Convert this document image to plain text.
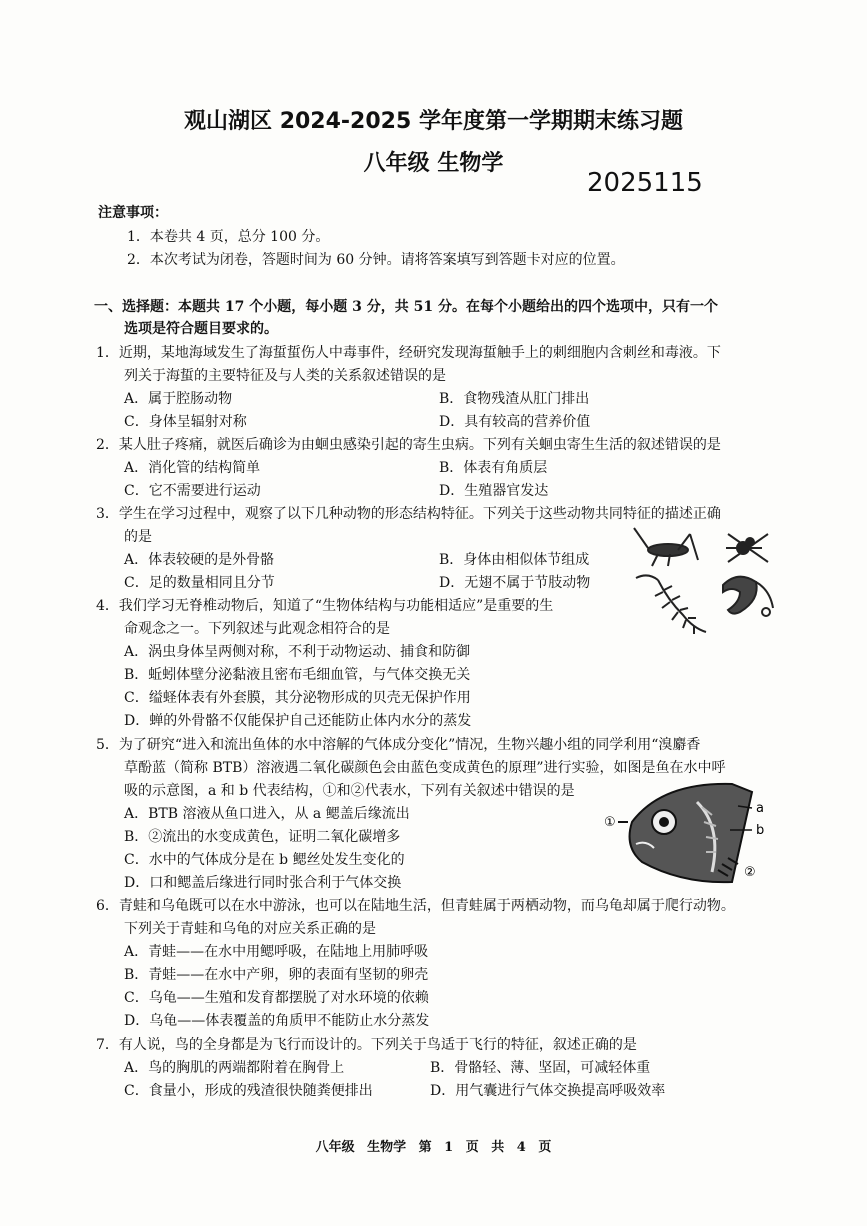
观山湖区 2024-2025 学年度第一学期期末练习题
八年级 生物学
2025115
注意事项：
1．本卷共 4 页，总分 100 分。
2．本次考试为闭卷，答题时间为 60 分钟。请将答案填写到答题卡对应的位置。
一、选择题：本题共 17 个小题，每小题 3 分，共 51 分。在每个小题给出的四个选项中，只有一个
选项是符合题目要求的。
1．近期，某地海域发生了海蜇蜇伤人中毒事件，经研究发现海蜇触手上的刺细胞内含刺丝和毒液。下
列关于海蜇的主要特征及与人类的关系叙述错误的是
A．属于腔肠动物	B．食物残渣从肛门排出
C．身体呈辐射对称	D．具有较高的营养价值
2．某人肚子疼痛，就医后确诊为由蛔虫感染引起的寄生虫病。下列有关蛔虫寄生生活的叙述错误的是
A．消化管的结构简单	B．体表有角质层
C．它不需要进行运动	D．生殖器官发达
3．学生在学习过程中，观察了以下几种动物的形态结构特征。下列关于这些动物共同特征的描述正确
的是
A．体表较硬的是外骨骼	B．身体由相似体节组成
C．足的数量相同且分节	D．无翅不属于节肢动物
4．我们学习无脊椎动物后，知道了“生物体结构与功能相适应”是重要的生
命观念之一。下列叙述与此观念相符合的是
A．涡虫身体呈两侧对称，不利于动物运动、捕食和防御
B．蚯蚓体壁分泌黏液且密布毛细血管，与气体交换无关
C．缢蛏体表有外套膜，其分泌物形成的贝壳无保护作用
D．蝉的外骨骼不仅能保护自己还能防止体内水分的蒸发
5．为了研究“进入和流出鱼体的水中溶解的气体成分变化”情况，生物兴趣小组的同学利用“溴麝香
草酚蓝（简称 BTB）溶液遇二氧化碳颜色会由蓝色变成黄色的原理”进行实验，如图是鱼在水中呼
吸的示意图，a 和 b 代表结构，①和②代表水，下列有关叙述中错误的是
A．BTB 溶液从鱼口进入，从 a 鳃盖后缘流出
B．②流出的水变成黄色，证明二氧化碳增多
C．水中的气体成分是在 b 鳃丝处发生变化的
D．口和鳃盖后缘进行同时张合利于气体交换
a
b
①
②
6．青蛙和乌龟既可以在水中游泳，也可以在陆地生活，但青蛙属于两栖动物，而乌龟却属于爬行动物。
下列关于青蛙和乌龟的对应关系正确的是
A．青蛙——在水中用鳃呼吸，在陆地上用肺呼吸
B．青蛙——在水中产卵，卵的表面有坚韧的卵壳
C．乌龟——生殖和发育都摆脱了对水环境的依赖
D．乌龟——体表覆盖的角质甲不能防止水分蒸发
7．有人说，鸟的全身都是为飞行而设计的。下列关于鸟适于飞行的特征，叙述正确的是
A．鸟的胸肌的两端都附着在胸骨上	B．骨骼轻、薄、坚固，可减轻体重
C．食量小，形成的残渣很快随粪便排出	D．用气囊进行气体交换提高呼吸效率
八年级 生物学 第 1 页 共 4 页
